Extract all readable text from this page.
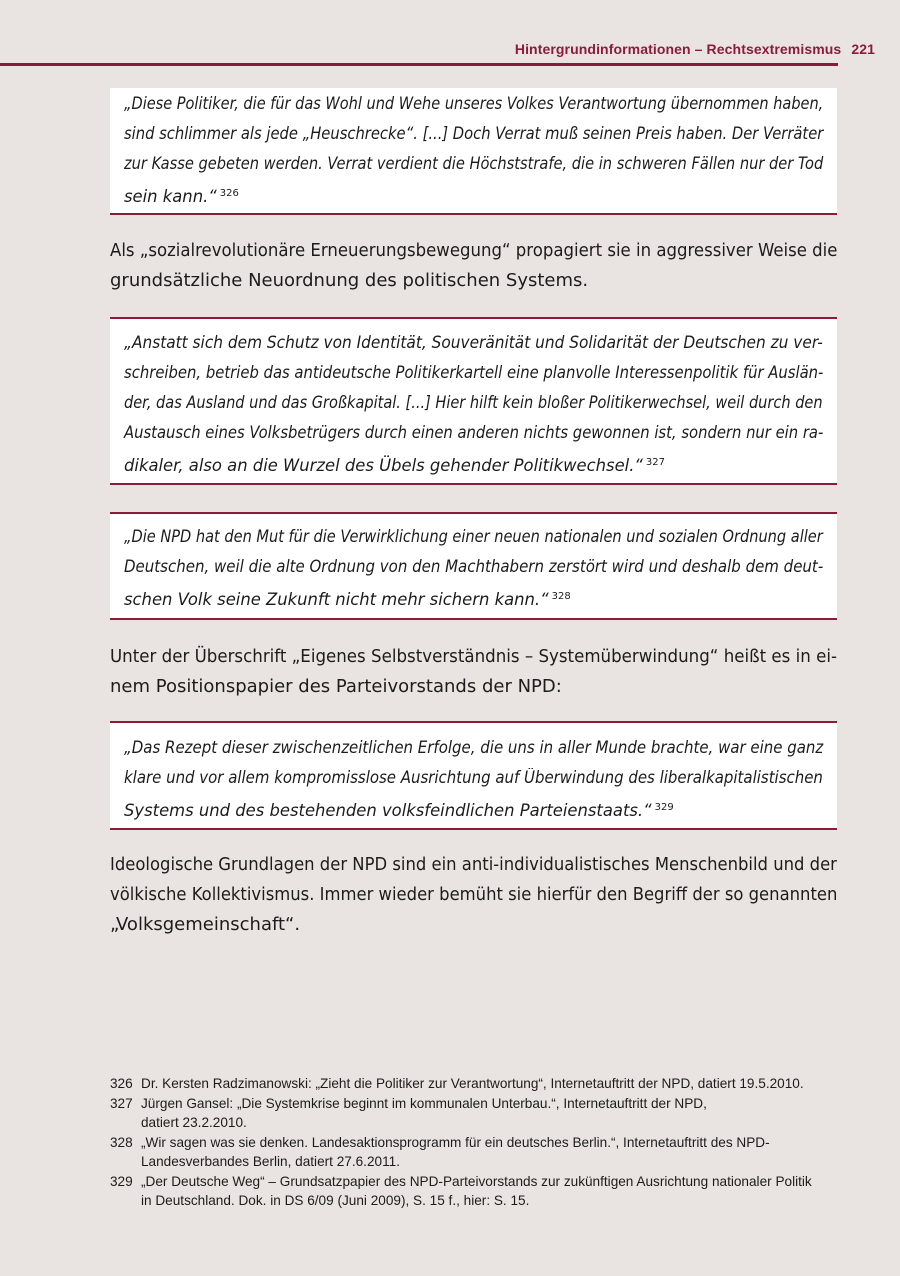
Hintergrundinformationen – Rechtsextremismus 221
„Diese Politiker, die für das Wohl und Wehe unseres Volkes Verantwortung übernommen haben,
sind schlimmer als jede „Heuschrecke“. [...] Doch Verrat muß seinen Preis haben. Der Verräter
zur Kasse gebeten werden. Verrat verdient die Höchststrafe, die in schweren Fällen nur der Tod
sein kann.“ $^{326}$
Als „sozialrevolutionäre Erneuerungsbewegung“ propagiert sie in aggressiver Weise die
grundsätzliche Neuordnung des politischen Systems.
„Anstatt sich dem Schutz von Identität, Souveränität und Solidarität der Deutschen zu ver-
schreiben, betrieb das antideutsche Politikerkartell eine planvolle Interessenpolitik für Auslän-
der, das Ausland und das Großkapital. [...] Hier hilft kein bloßer Politikerwechsel, weil durch den
Austausch eines Volksbetrügers durch einen anderen nichts gewonnen ist, sondern nur ein ra-
dikaler, also an die Wurzel des Übels gehender Politikwechsel.“ $^{327}$
„Die NPD hat den Mut für die Verwirklichung einer neuen nationalen und sozialen Ordnung aller
Deutschen, weil die alte Ordnung von den Machthabern zerstört wird und deshalb dem deut-
schen Volk seine Zukunft nicht mehr sichern kann.“ $^{328}$
Unter der Überschrift „Eigenes Selbstverständnis – Systemüberwindung“ heißt es in ei-
nem Positionspapier des Parteivorstands der NPD:
„Das Rezept dieser zwischenzeitlichen Erfolge, die uns in aller Munde brachte, war eine ganz
klare und vor allem kompromisslose Ausrichtung auf Überwindung des liberalkapitalistischen
Systems und des bestehenden volksfeindlichen Parteienstaats.“ $^{329}$
Ideologische Grundlagen der NPD sind ein anti-individualistisches Menschenbild und der
völkische Kollektivismus. Immer wieder bemüht sie hierfür den Begriff der so genannten
„Volksgemeinschaft“.
326 Dr. Kersten Radzimanowski: „Zieht die Politiker zur Verantwortung“, Internetauftritt der NPD, datiert 19.5.2010.
327 Jürgen Gansel: „Die Systemkrise beginnt im kommunalen Unterbau.“, Internetauftritt der NPD,
datiert 23.2.2010.
328 „Wir sagen was sie denken. Landesaktionsprogramm für ein deutsches Berlin.“, Internetauftritt des NPD-
Landesverbandes Berlin, datiert 27.6.2011.
329 „Der Deutsche Weg“ – Grundsatzpapier des NPD-Parteivorstands zur zukünftigen Ausrichtung nationaler Politik
in Deutschland. Dok. in DS 6/09 (Juni 2009), S. 15 f., hier: S. 15.
